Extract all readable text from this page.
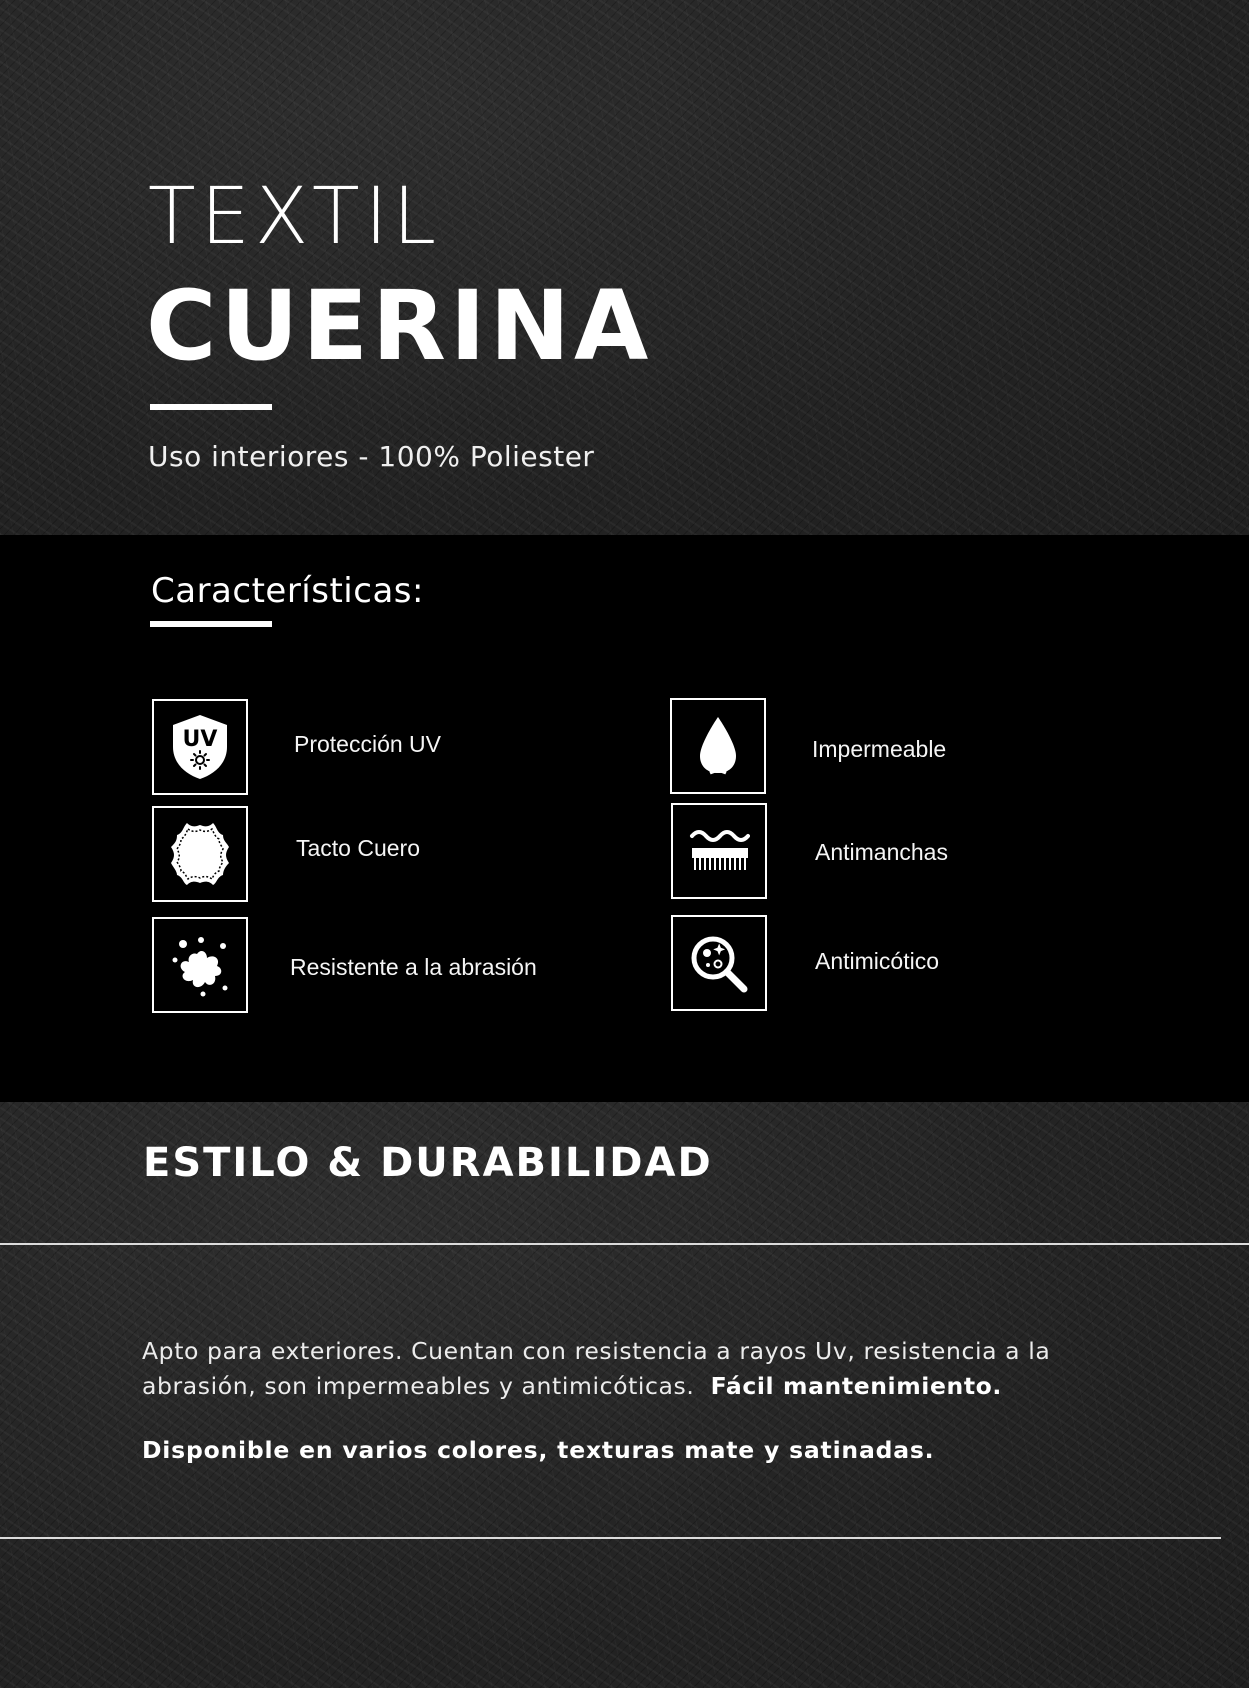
TEXTIL
CUERINA
Uso interiores - 100% Poliester
Características:
UV	Protección UV	Impermeable
Tacto Cuero	Antimanchas
Resistente a la abrasión	Antimicótico
ESTILO & DURABILIDAD

Apto para exteriores. Cuentan con resistencia a rayos Uv, resistencia a la abrasión, son impermeables y antimicóticas. Fácil mantenimiento.

Disponible en varios colores, texturas mate y satinadas.
